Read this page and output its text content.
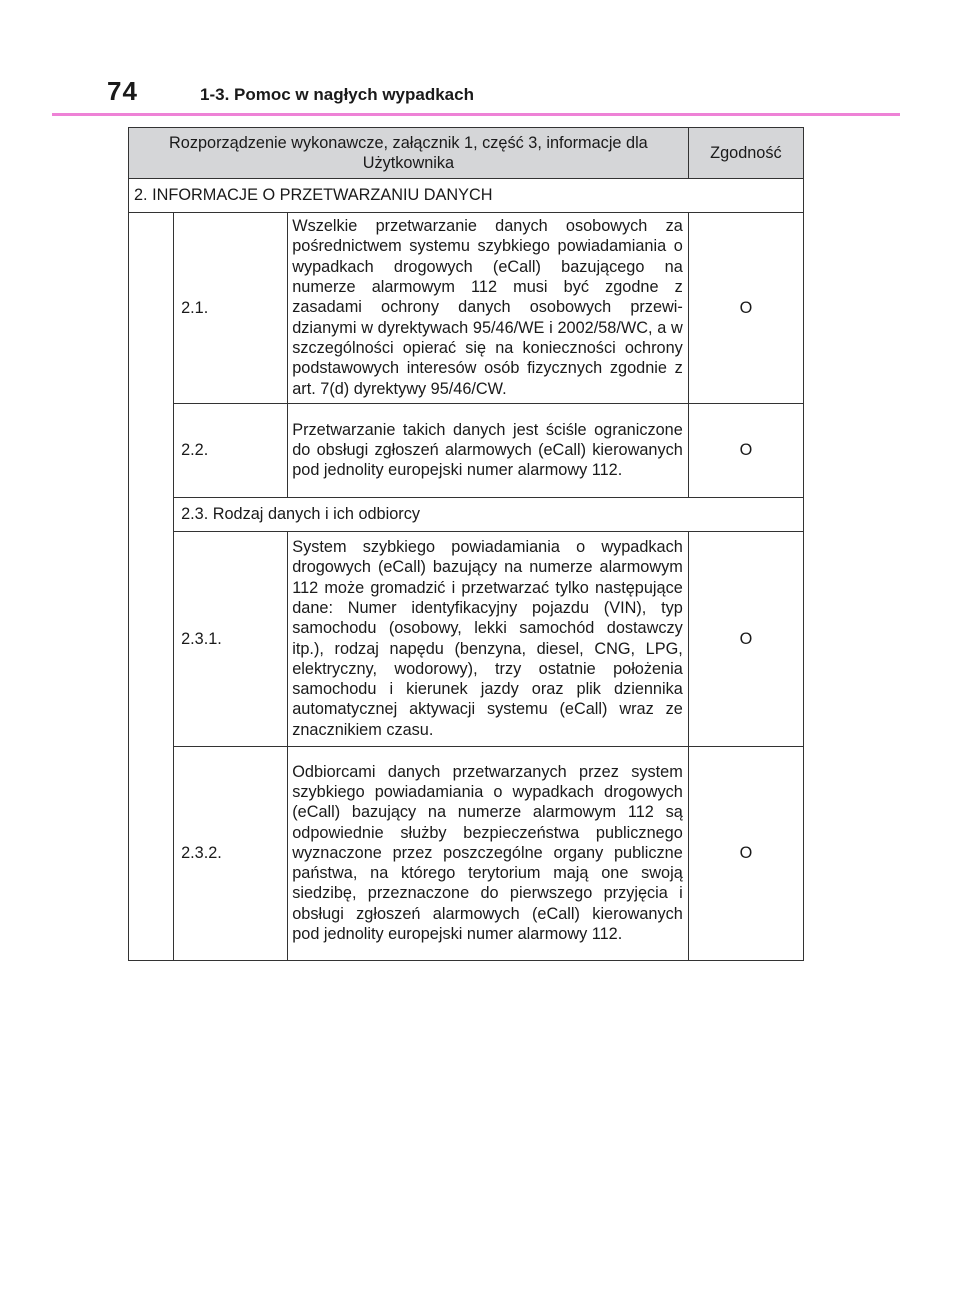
74	1-3. Pomoc w nagłych wypadkach
Rozporządzenie wykonawcze, załącznik 1, część 3, informacje dla Użytkownika			Zgodność
2. INFORMACJE O PRZETWARZANIU DANYCH			
	2.1.	Wszelkie przetwarzanie danych osobowych za pośrednictwem systemu szybkiego powiadamiania o wypadkach drogowych (eCall) bazującego na numerze alarmowym 112 musi być zgodne z zasadami ochrony danych osobowych przewidzianymi w dyrektywach 95/46/WE i 2002/58/WC, a w szczególności opierać się na konieczności ochrony podstawowych interesów osób fizycznych zgodnie z art. 7(d) dyrektywy 95/46/CW.	O
	2.2.	Przetwarzanie takich danych jest ściśle ograniczone do obsługi zgłoszeń alarmowych (eCall) kierowanych pod jednolity europejski numer alarmowy 112.	O
	2.3. Rodzaj danych i ich odbiorcy		
	2.3.1.	System szybkiego powiadamiania o wypadkach drogowych (eCall) bazujący na numerze alarmowym 112 może gromadzić i przetwarzać tylko następujące dane: Numer identyfikacyjny pojazdu (VIN), typ samochodu (osobowy, lekki samochód dostawczy itp.), rodzaj napędu (benzyna, diesel, CNG, LPG, elektryczny, wodorowy), trzy ostatnie położenia samochodu i kierunek jazdy oraz plik dziennika automatycznej aktywacji systemu (eCall) wraz ze znacznikiem czasu.	O
	2.3.2.	Odbiorcami danych przetwarzanych przez system szybkiego powiadamiania o wypadkach drogowych (eCall) bazujący na numerze alarmowym 112 są odpowiednie służby bezpieczeństwa publicznego wyznaczone przez poszczególne organy publiczne państwa, na którego terytorium mają one swoją siedzibę, przeznaczone do pierwszego przyjęcia i obsługi zgłoszeń alarmowych (eCall) kierowanych pod jednolity europejski numer alarmowy 112.	O
